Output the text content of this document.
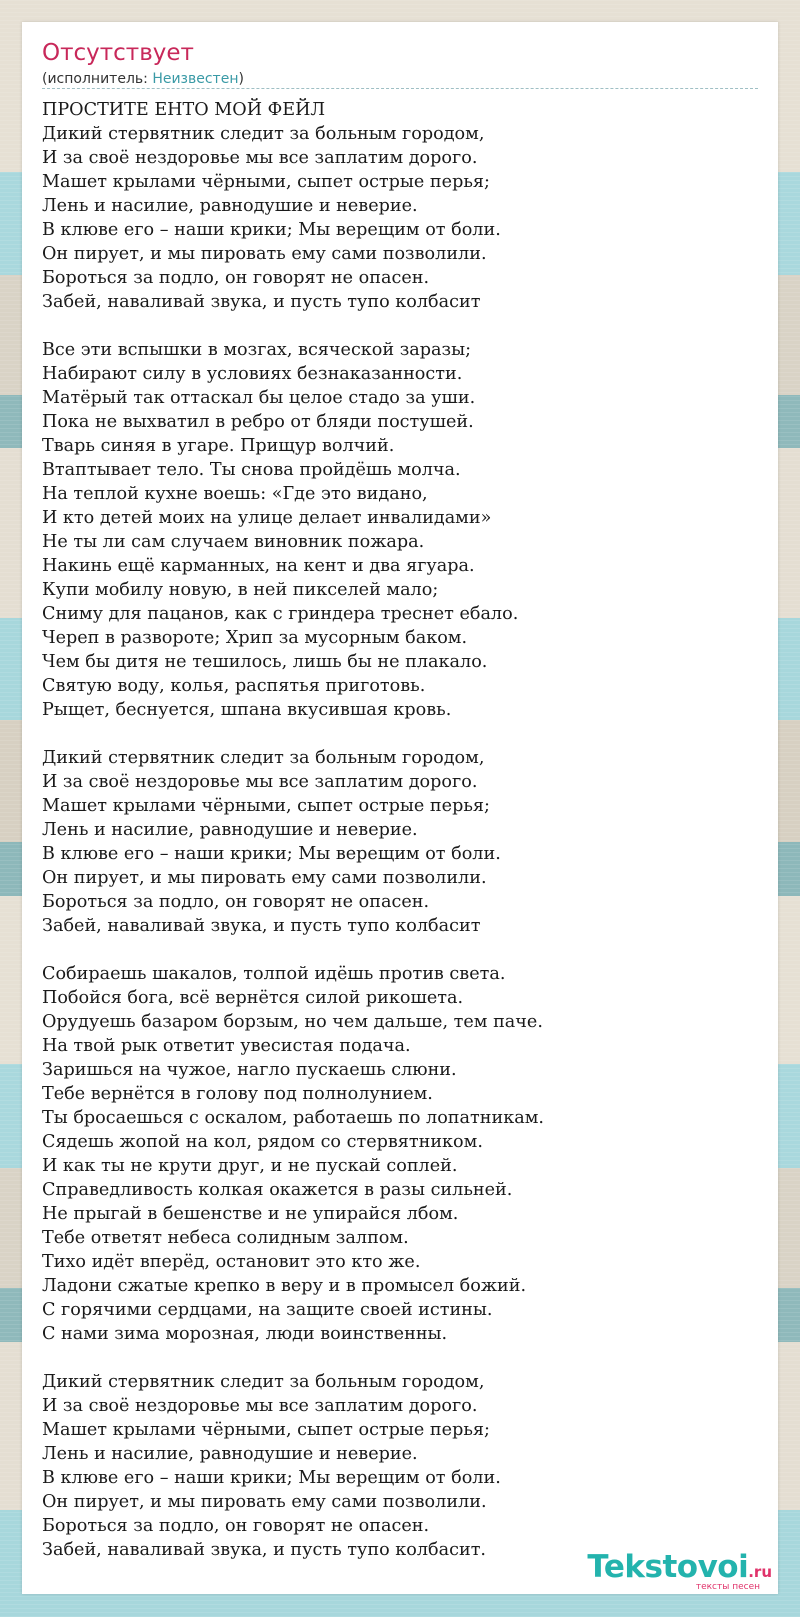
Отсутствует
(исполнитель: Неизвестен)
ПРОСТИТЕ ЕНТО МОЙ ФЕЙЛ
Дикий стервятник следит за больным городом,
И за своё нездоровье мы все заплатим дорого.
Машет крылами чёрными, сыпет острые перья;
Лень и насилие, равнодушие и неверие.
В клюве его – наши крики; Мы верещим от боли.
Он пирует, и мы пировать ему сами позволили.
Бороться за подло, он говорят не опасен.
Забей, наваливай звука, и пусть тупо колбасит

Все эти вспышки в мозгах, всяческой заразы;
Набирают силу в условиях безнаказанности.
Матёрый так оттаскал бы целое стадо за уши.
Пока не выхватил в ребро от бляди постушей.
Тварь синяя в угаре. Прищур волчий.
Втаптывает тело. Ты снова пройдёшь молча.
На теплой кухне воешь: «Где это видано,
И кто детей моих на улице делает инвалидами»
Не ты ли сам случаем виновник пожара.
Накинь ещё карманных, на кент и два ягуара.
Купи мобилу новую, в ней пикселей мало;
Сниму для пацанов, как с гриндера треснет ебало.
Череп в развороте; Хрип за мусорным баком.
Чем бы дитя не тешилось, лишь бы не плакало.
Святую воду, колья, распятья приготовь.
Рыщет, беснуется, шпана вкусившая кровь.

Дикий стервятник следит за больным городом,
И за своё нездоровье мы все заплатим дорого.
Машет крылами чёрными, сыпет острые перья;
Лень и насилие, равнодушие и неверие.
В клюве его – наши крики; Мы верещим от боли.
Он пирует, и мы пировать ему сами позволили.
Бороться за подло, он говорят не опасен.
Забей, наваливай звука, и пусть тупо колбасит

Собираешь шакалов, толпой идёшь против света.
Побойся бога, всё вернётся силой рикошета.
Орудуешь базаром борзым, но чем дальше, тем паче.
На твой рык ответит увесистая подача.
Заришься на чужое, нагло пускаешь слюни.
Тебе вернётся в голову под полнолунием.
Ты бросаешься с оскалом, работаешь по лопатникам.
Сядешь жопой на кол, рядом со стервятником.
И как ты не крути друг, и не пускай соплей.
Справедливость колкая окажется в разы сильней.
Не прыгай в бешенстве и не упирайся лбом.
Тебе ответят небеса солидным залпом.
Тихо идёт вперёд, остановит это кто же.
Ладони сжатые крепко в веру и в промысел божий.
С горячими сердцами, на защите своей истины.
С нами зима морозная, люди воинственны.

Дикий стервятник следит за больным городом,
И за своё нездоровье мы все заплатим дорого.
Машет крылами чёрными, сыпет острые перья;
Лень и насилие, равнодушие и неверие.
В клюве его – наши крики; Мы верещим от боли.
Он пирует, и мы пировать ему сами позволили.
Бороться за подло, он говорят не опасен.
Забей, наваливай звука, и пусть тупо колбасит.	Tekstovoi.ru
тексты песен
